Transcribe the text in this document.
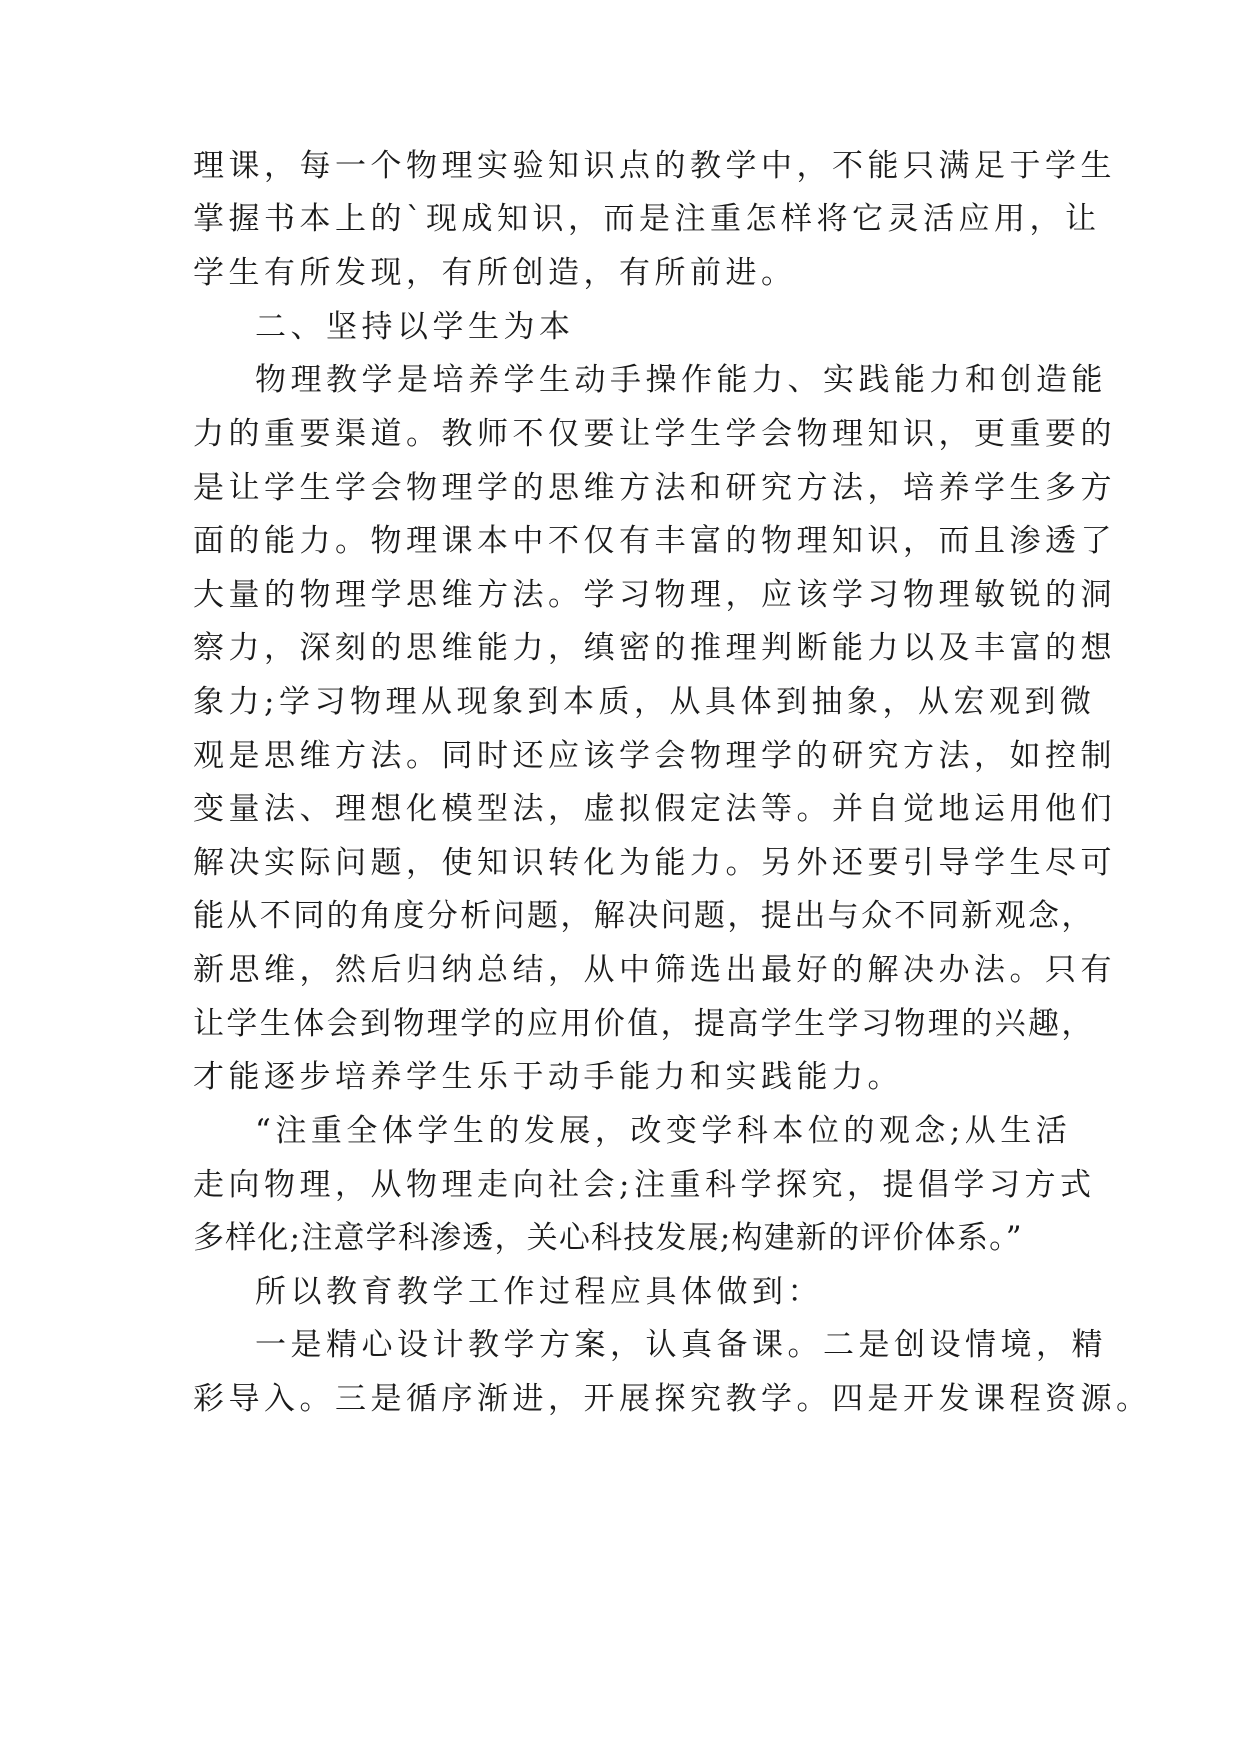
理课，每一个物理实验知识点的教学中，不能只满足于学生
掌握书本上的`现成知识，而是注重怎样将它灵活应用，让
学生有所发现，有所创造，有所前进。
二、坚持以学生为本
物理教学是培养学生动手操作能力、实践能力和创造能
力的重要渠道。教师不仅要让学生学会物理知识，更重要的
是让学生学会物理学的思维方法和研究方法，培养学生多方
面的能力。物理课本中不仅有丰富的物理知识，而且渗透了
大量的物理学思维方法。学习物理，应该学习物理敏锐的洞
察力，深刻的思维能力，缜密的推理判断能力以及丰富的想
象力;学习物理从现象到本质，从具体到抽象，从宏观到微
观是思维方法。同时还应该学会物理学的研究方法，如控制
变量法、理想化模型法，虚拟假定法等。并自觉地运用他们
解决实际问题，使知识转化为能力。另外还要引导学生尽可
能从不同的角度分析问题，解决问题，提出与众不同新观念，
新思维，然后归纳总结，从中筛选出最好的解决办法。只有
让学生体会到物理学的应用价值，提高学生学习物理的兴趣，
才能逐步培养学生乐于动手能力和实践能力。
“注重全体学生的发展，改变学科本位的观念;从生活
走向物理，从物理走向社会;注重科学探究，提倡学习方式
多样化;注意学科渗透，关心科技发展;构建新的评价体系。”
所以教育教学工作过程应具体做到：
一是精心设计教学方案，认真备课。二是创设情境，精
彩导入。三是循序渐进，开展探究教学。四是开发课程资源。
